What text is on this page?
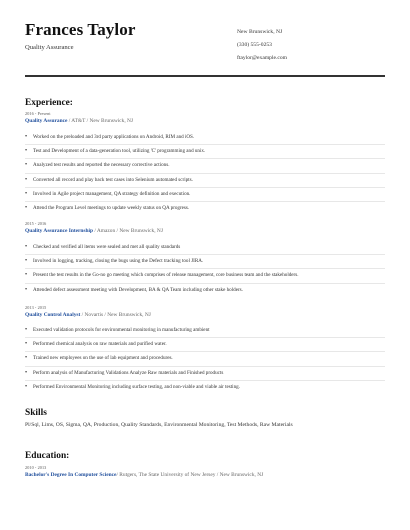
Frances Taylor
Quality Assurance
New Brunswick, NJ
(330) 555-0253
ftaylor@example.com
Experience:
2016 - Present
Quality Assurance / AT&T / New Brunswick, NJ
•	Worked on the preloaded and 3rd party applications on Android, RIM and iOS.
•	Test and Development of a data-generation tool, utilizing 'C' programming and unix.
•	Analyzed test results and reported the necessary corrective actions.
•	Converted all record and play back test cases into Selenium automated scripts.
•	Involved in Agile project management, QA strategy definition and execution.
•	Attend the Program Level meetings to update weekly status on QA progress.
2015 - 2016
Quality Assurance Internship / Amazon / New Brunswick, NJ
•	Checked and verified all items were sealed and met all quality standards
•	Involved in logging, tracking, closing the bugs using the Defect tracking tool JIRA.
•	Present the test results in the Go-no go meeting which comprises of release management, core business team and the stakeholders.
•	Attended defect assessment meeting with Development, BA & QA Team including other stake holders.
2013 - 2015
Quality Control Analyst / Novartis / New Brunswick, NJ
•	Executed validation protocols for environmental monitoring in manufacturing ambient
•	Performed chemical analysis on raw materials and purified water.
•	Trained new employees on the use of lab equipment and procedures.
•	Perform analysis of Manufacturing Validations Analyze Raw materials and Finished products
•	Performed Environmental Monitoring including surface testing, and non-viable and viable air testing.
Skills
Pl/Sql, Lims, OS, Sigma, QA, Production, Quality Standards, Environmental Monitoring, Test Methods, Raw Materials
Education:
2010 - 2013
Bachelor's Degree In Computer Science/ Rutgers, The State University of New Jersey / New Brunswick, NJ
